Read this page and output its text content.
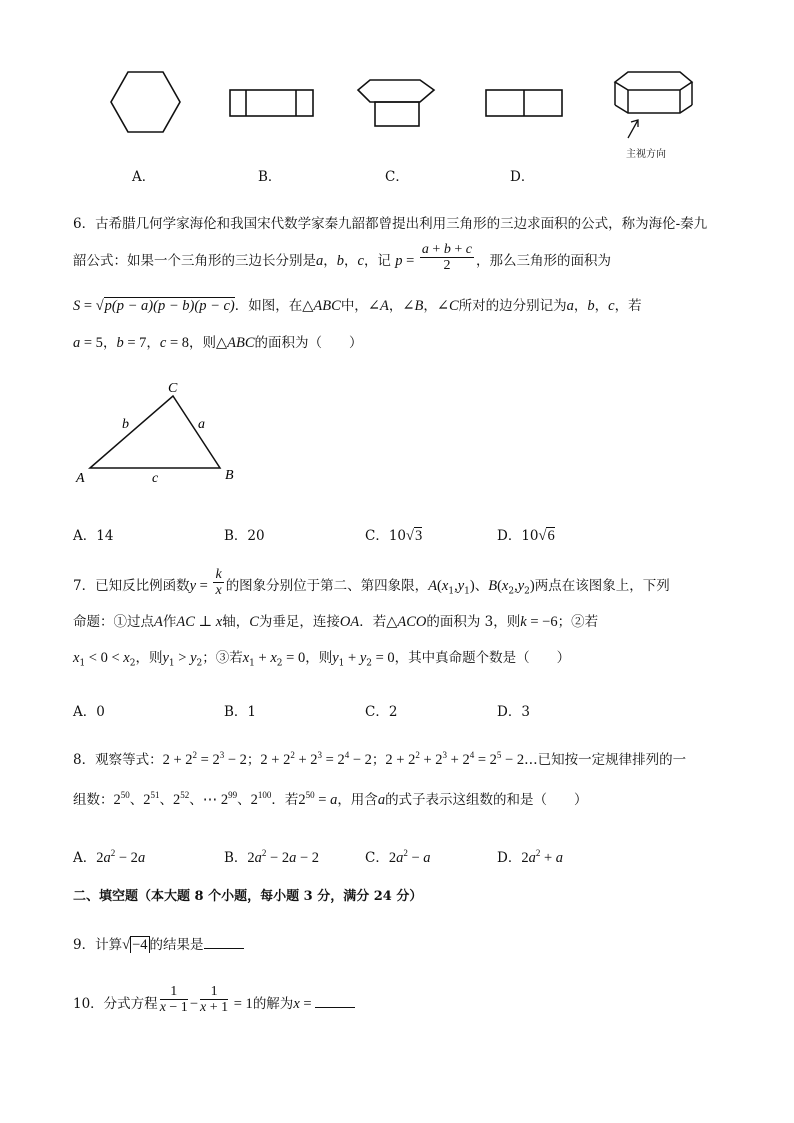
主视方向
A．	B．	C．	D．
6．古希腊几何学家海伦和我国宋代数学家秦九韶都曾提出利用三角形的三边求面积的公式，称为海伦-秦九
韶公式：如果一个三角形的三边长分别是a，b，c，记 $p = \frac{a + b + c}{2}$ ，那么三角形的面积为
S = √p(p − a)(p − b)(p − c)．如图，在△ABC中，∠A，∠B，∠C所对的边分别记为a，b，c，若
a = 5，b = 7，c = 8，则△ABC的面积为（　　）
C
A	B
b	a
c
A．14	B．20	C．10√3	D．10√6
7．已知反比例函数$y = \frac{k}{x}$ 的图象分别位于第二、第四象限，$A(x_1,y_1)$、$B(x_2,y_2)$两点在该图象上，下列
命题：①过点A作AC ⊥ x轴，C为垂足，连接OA．若△ACO的面积为 3，则k = −6；②若
$x_1 < 0 < x_2$，则$y_1 > y_2$；③若$x_1 + x_2 = 0$，则$y_1 + y_2 = 0$，其中真命题个数是（　　）
A．0	B．1	C．2	D．3
8．观察等式：$2 + 2^2 = 2^3 - 2$；$2 + 2^2 + 2^3 = 2^4 - 2$；$2 + 2^2 + 2^3 + 2^4 = 2^5$ − 2…已知按一定规律排列的一
组数：$2^{50}$、$2^{51}$、$2^{52}$、⋯ $2^{99}$、$2^{100}$．若$2^{50} = a$，用含a的式子表示这组数的和是（　　）
A．$2a^2 - 2a$	B．$2a^2 - 2a - 2$	C．$2a^2 - a$	D．$2a^2 + a$
二、填空题（本大题 8 个小题，每小题 3 分，满分 24 分）
9．计算√ −4 的结果是
10．分式方程 $\frac{1}{x - 1} - \frac{1}{x + 1} = 1$的解为x =
